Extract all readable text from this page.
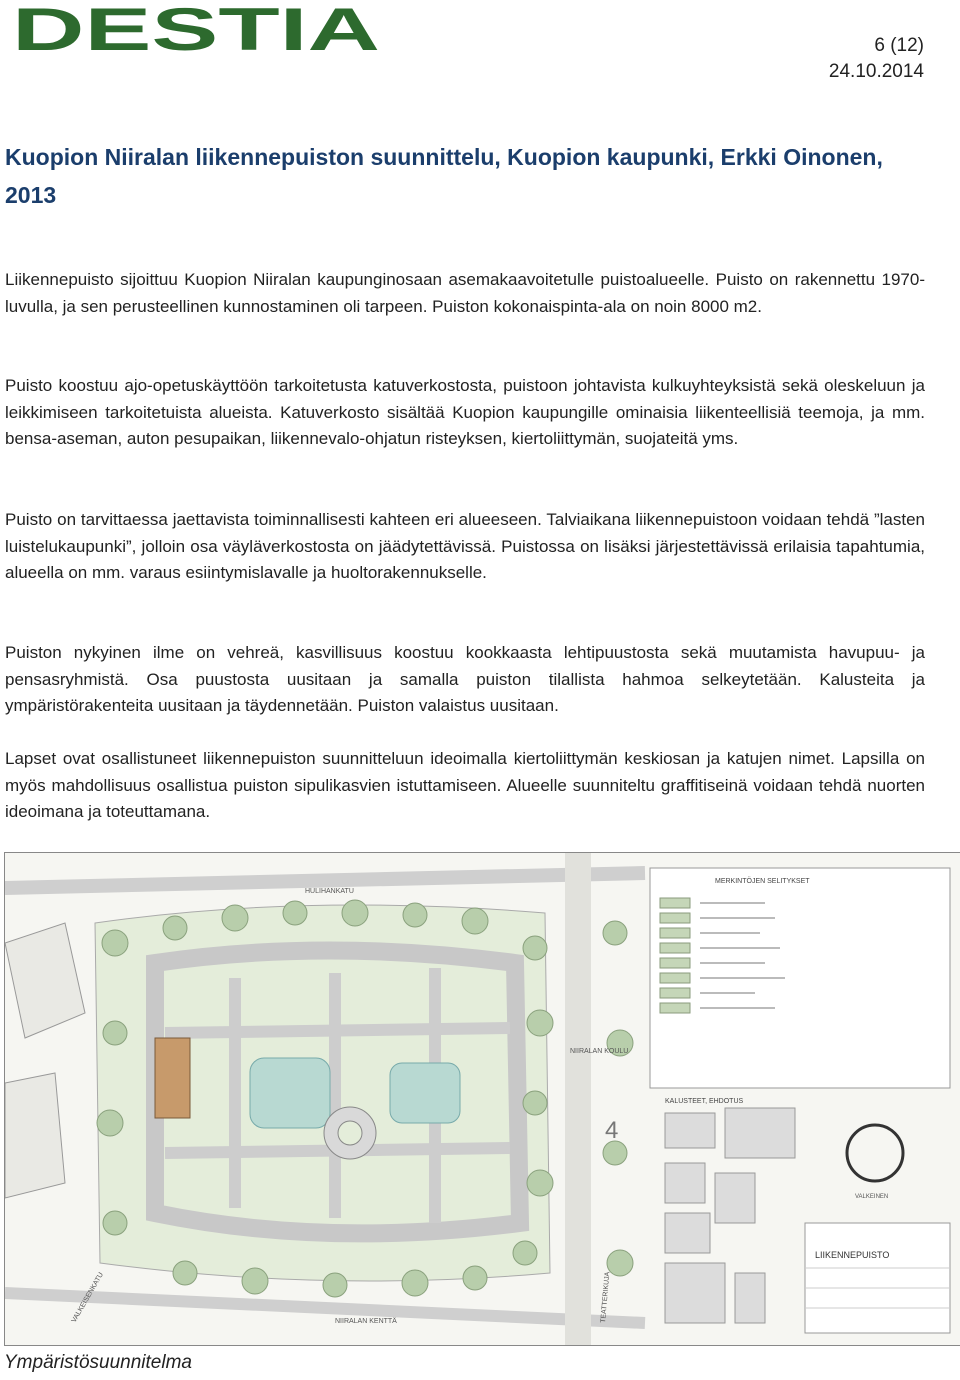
DESTIA	6 (12)
24.10.2014
Kuopion Niiralan liikennepuiston suunnittelu, Kuopion kaupunki, Erkki Oinonen, 2013

Liikennepuisto sijoittuu Kuopion Niiralan kaupunginosaan asemakaavoitetulle puistoalueelle. Puisto on rakennettu 1970- luvulla, ja sen perusteellinen kunnostaminen oli tarpeen. Puiston kokonaispinta-ala on noin 8000 m2.

Puisto koostuu ajo-opetuskäyttöön tarkoitetusta katuverkostosta, puistoon johtavista kulkuyhteyksistä sekä oleskeluun ja leikkimiseen tarkoitetuista alueista. Katuverkosto sisältää Kuopion kaupungille ominaisia liikenteellisiä teemoja, ja mm. bensa-aseman, auton pesupaikan, liikennevalo-ohjatun risteyksen, kiertoliittymän, suojateitä yms.

Puisto on tarvittaessa jaettavista toiminnallisesti kahteen eri alueeseen. Talviaikana liikennepuistoon voidaan tehdä ”lasten luistelukaupunki”, jolloin osa väyläverkostosta on jäädytettävissä. Puistossa on lisäksi järjestettävissä erilaisia tapahtumia, alueella on mm. varaus esiintymislavalle ja huoltorakennukselle.

Puiston nykyinen ilme on vehreä, kasvillisuus koostuu kookkaasta lehtipuustosta sekä muutamista havupuu- ja pensasryhmistä. Osa puustosta uusitaan ja samalla puiston tilallista hahmoa selkeytetään. Kalusteita ja ympäristörakenteita uusitaan ja täydennetään. Puiston valaistus uusitaan.

Lapset ovat osallistuneet liikennepuiston suunnitteluun ideoimalla kiertoliittymän keskiosan ja katujen nimet. Lapsilla on myös mahdollisuus osallistua puiston sipulikasvien istuttamiseen. Alueelle suunniteltu graffitiseinä voidaan tehdä nuorten ideoimana ja toteuttamana.

HULIHANKATU
NIIRALAN KOULU
4
NIIRALAN KENTTÄ
VALKEISENKATU	TEATTERIKUJA
MERKINTÖJEN SELITYKSET
KALUSTEET, EHDOTUS
VALKEINEN
LIIKENNEPUISTO
Ympäristösuunnitelma
